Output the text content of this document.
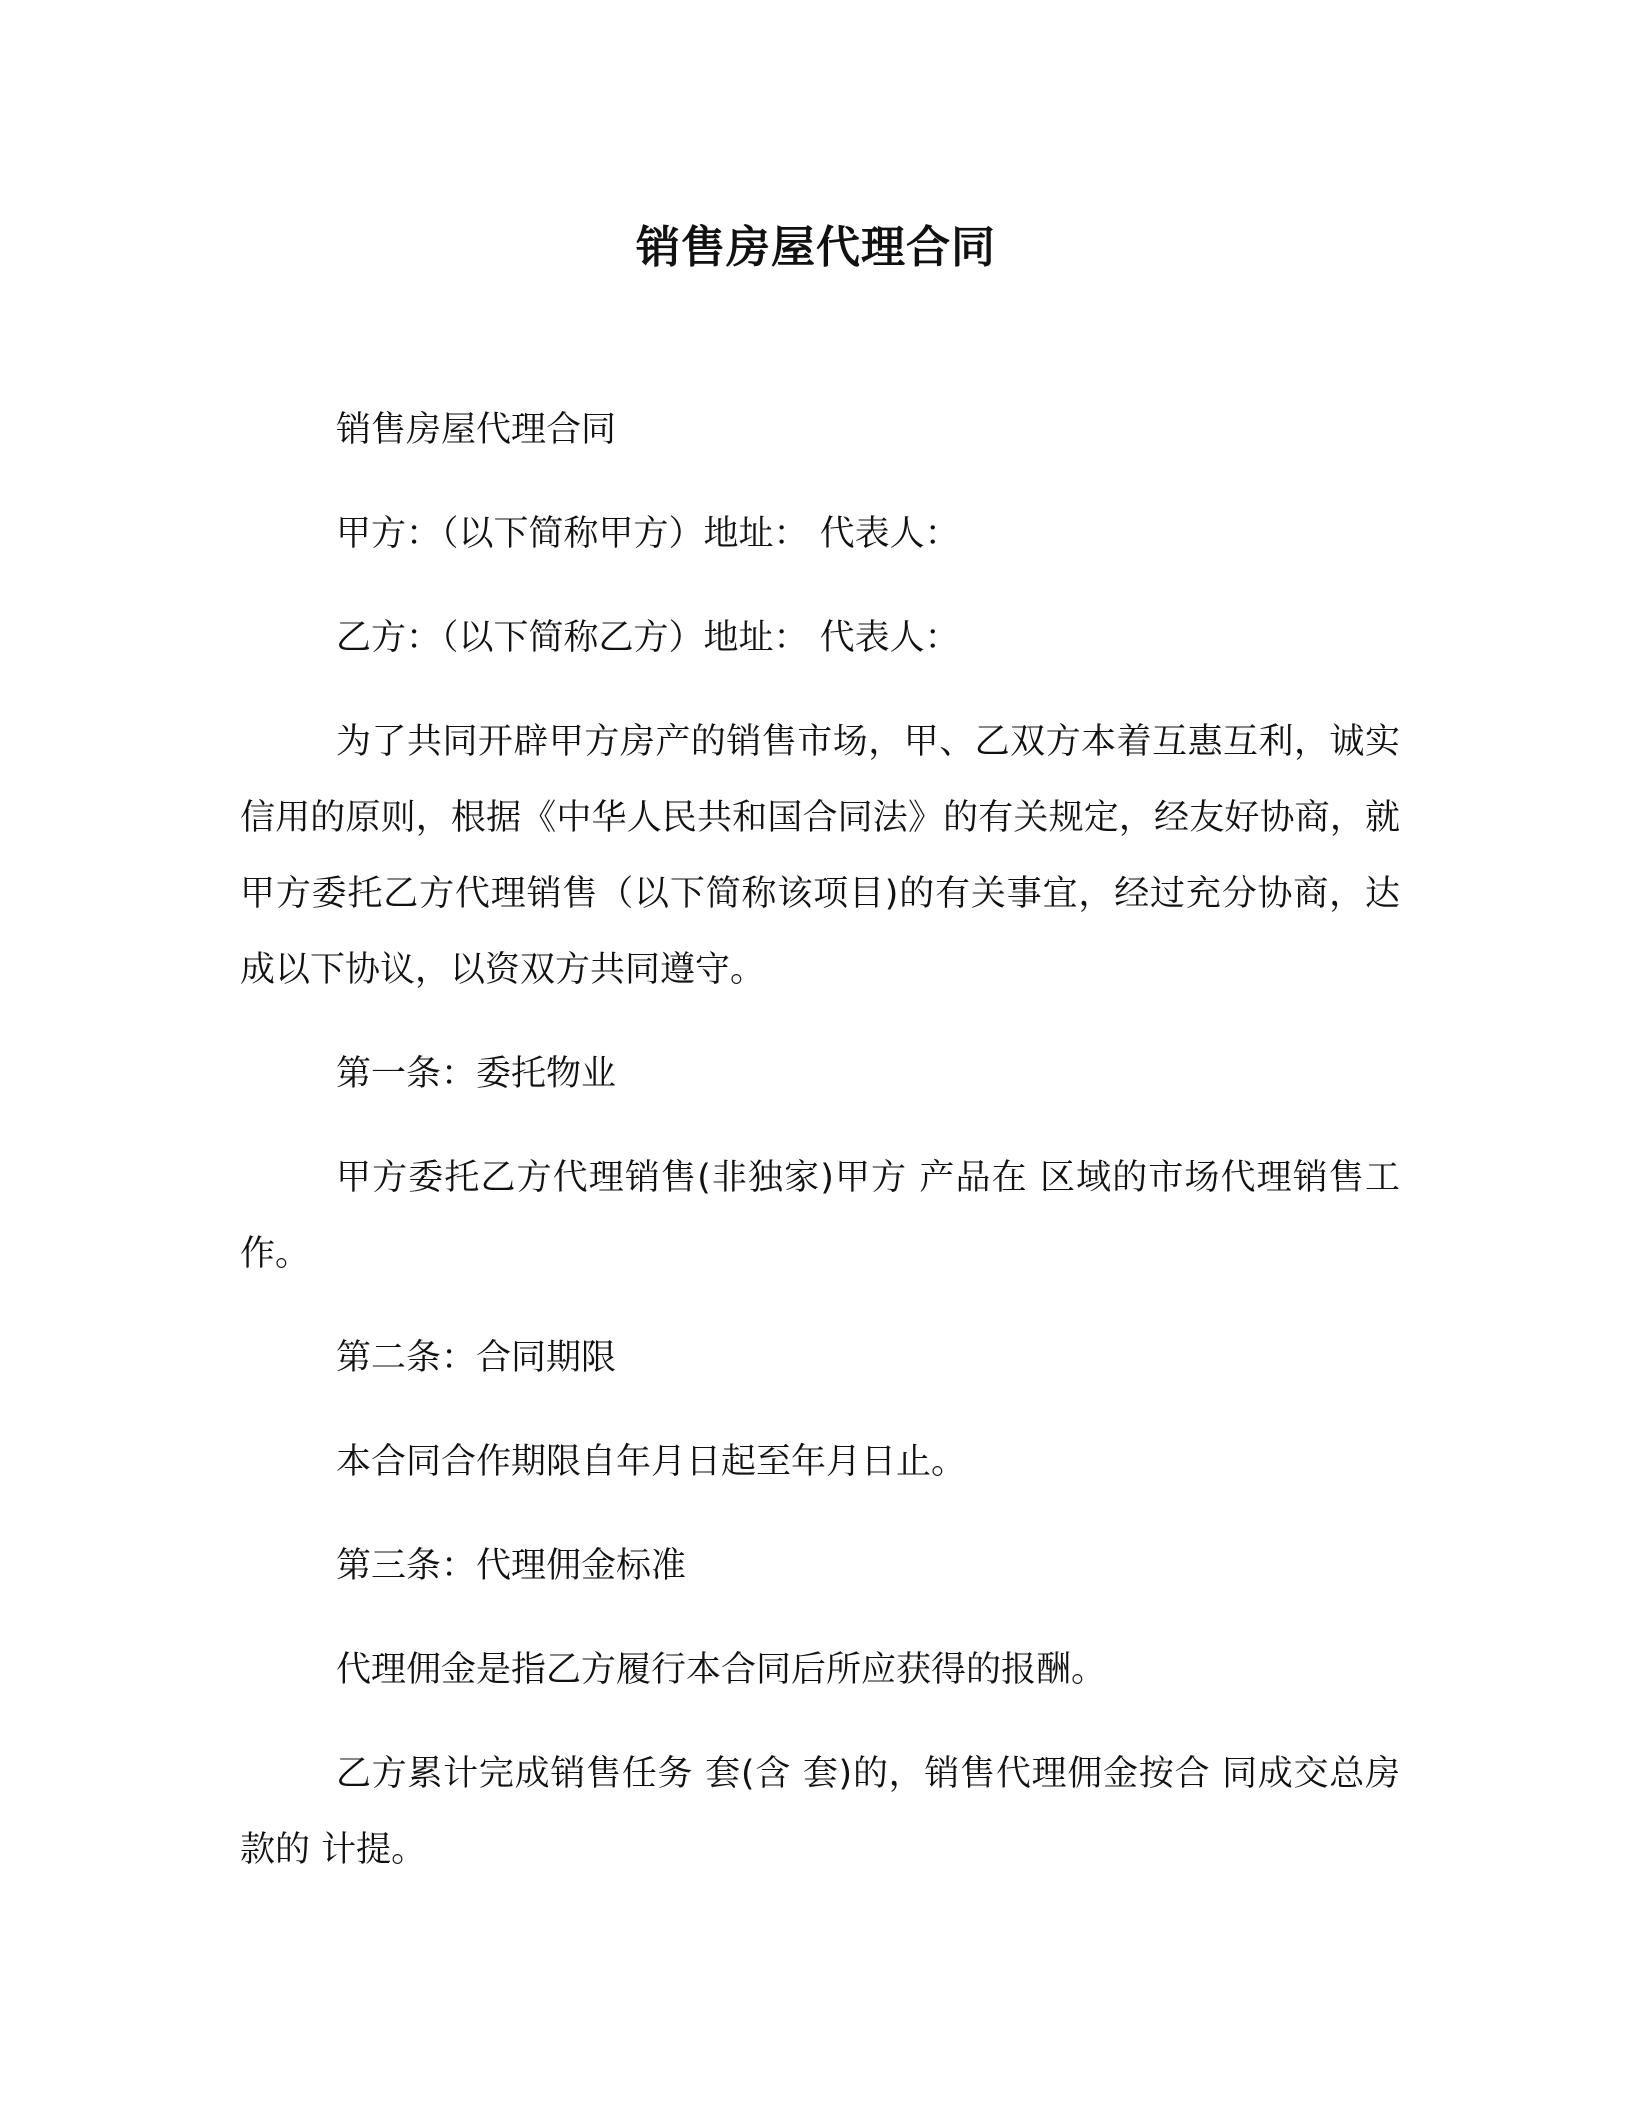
销售房屋代理合同

销售房屋代理合同

甲方：（以下简称甲方）地址： 代表人：

乙方：（以下简称乙方）地址： 代表人：

为了共同开辟甲方房产的销售市场，甲、乙双方本着互惠互利，诚实信用的原则，根据《中华人民共和国合同法》的有关规定，经友好协商，就甲方委托乙方代理销售（以下简称该项目)的有关事宜，经过充分协商，达成以下协议，以资双方共同遵守。

第一条：委托物业

甲方委托乙方代理销售(非独家)甲方 产品在 区域的市场代理销售工作。

第二条：合同期限

本合同合作期限自年月日起至年月日止。

第三条：代理佣金标准

代理佣金是指乙方履行本合同后所应获得的报酬。

乙方累计完成销售任务 套(含 套)的，销售代理佣金按合 同成交总房款的 计提。
